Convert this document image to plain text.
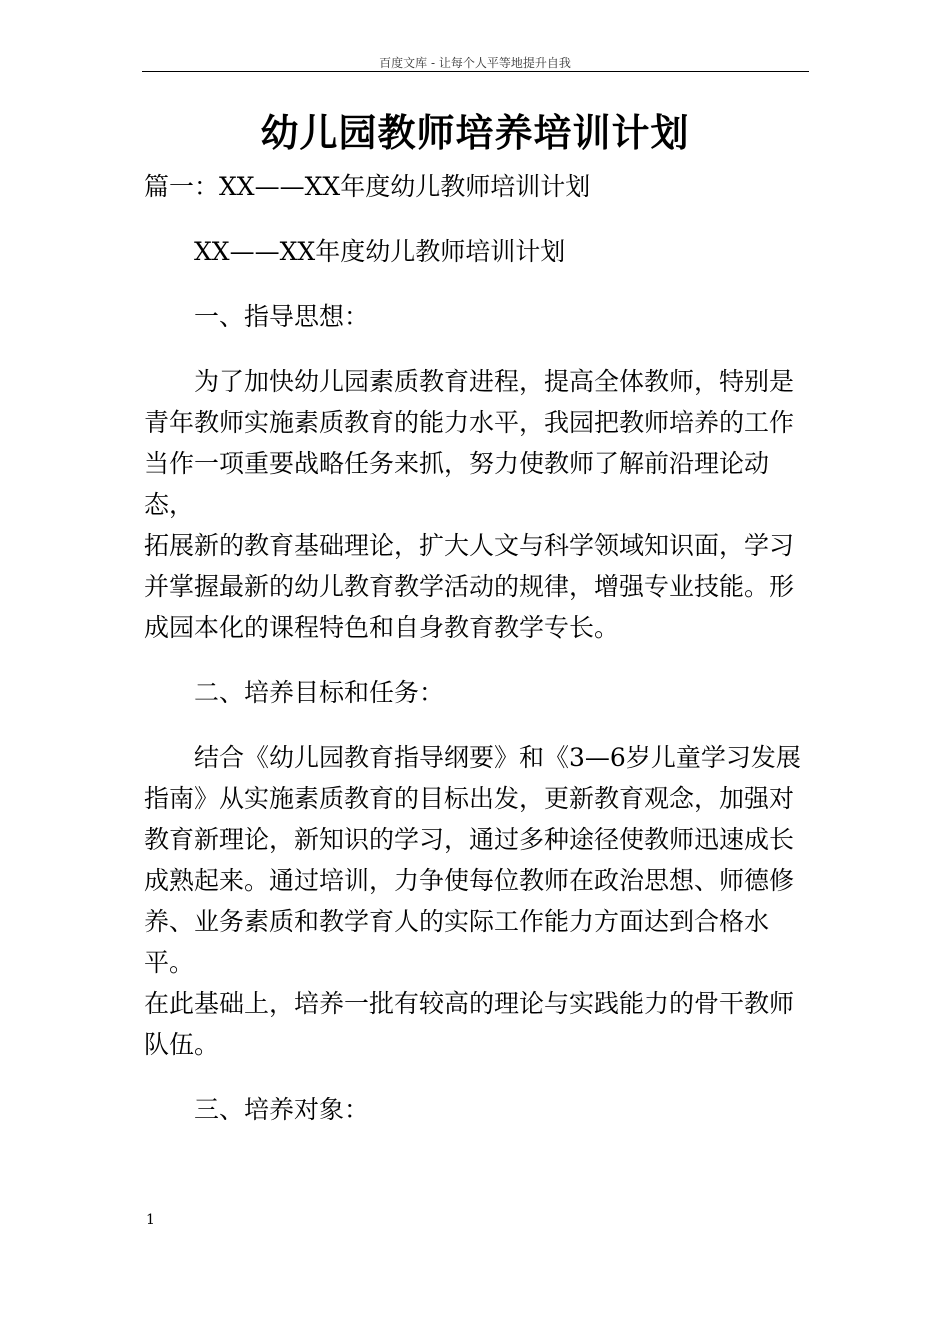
百度文库 - 让每个人平等地提升自我
幼儿园教师培养培训计划

篇一：XX——XX年度幼儿教师培训计划

XX——XX年度幼儿教师培训计划

一、指导思想：

为了加快幼儿园素质教育进程，提高全体教师，特别是

青年教师实施素质教育的能力水平，我园把教师培养的工作

当作一项重要战略任务来抓，努力使教师了解前沿理论动态，

拓展新的教育基础理论，扩大人文与科学领域知识面，学习

并掌握最新的幼儿教育教学活动的规律，增强专业技能。形

成园本化的课程特色和自身教育教学专长。

二、培养目标和任务：

结合《幼儿园教育指导纲要》和《3—6岁儿童学习发展

指南》从实施素质教育的目标出发，更新教育观念，加强对

教育新理论，新知识的学习，通过多种途径使教师迅速成长

成熟起来。通过培训，力争使每位教师在政治思想、师德修

养、业务素质和教学育人的实际工作能力方面达到合格水平。

在此基础上，培养一批有较高的理论与实践能力的骨干教师

队伍。

三、培养对象：

1
